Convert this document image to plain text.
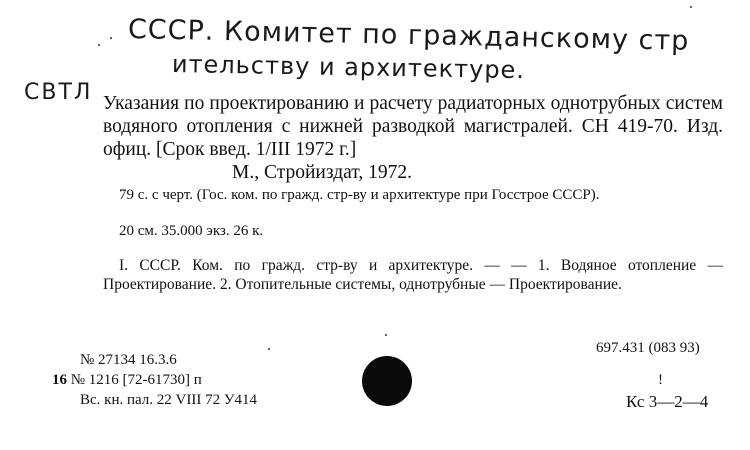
СССР. Комитет по гражданскому стр
ительству и архитектуре.
СВТЛ Указания по проектированию и расчету радиаторных однотрубных систем водяного отопления с нижней разводкой магистралей. СН 419-70. Изд. офиц. [Срок введ. 1/III 1972 г.]
М., Стройиздат, 1972.
79 с. с черт. (Гос. ком. по гражд. стр-ву и архитектуре при Госстрое СССР).
20 см. 35.000 экз. 26 к.
I. СССР. Ком. по гражд. стр-ву и архитектуре. — — 1. Водяное отопление — Проектирование. 2. Отопительные системы, однотрубные — Проектирование.
697.431 (083 93)
!
Кс 3—2—4
№ 27134 16.3.6
16 № 1216 [72-61730] п
Вс. кн. пал. 22 VIII 72 У414
